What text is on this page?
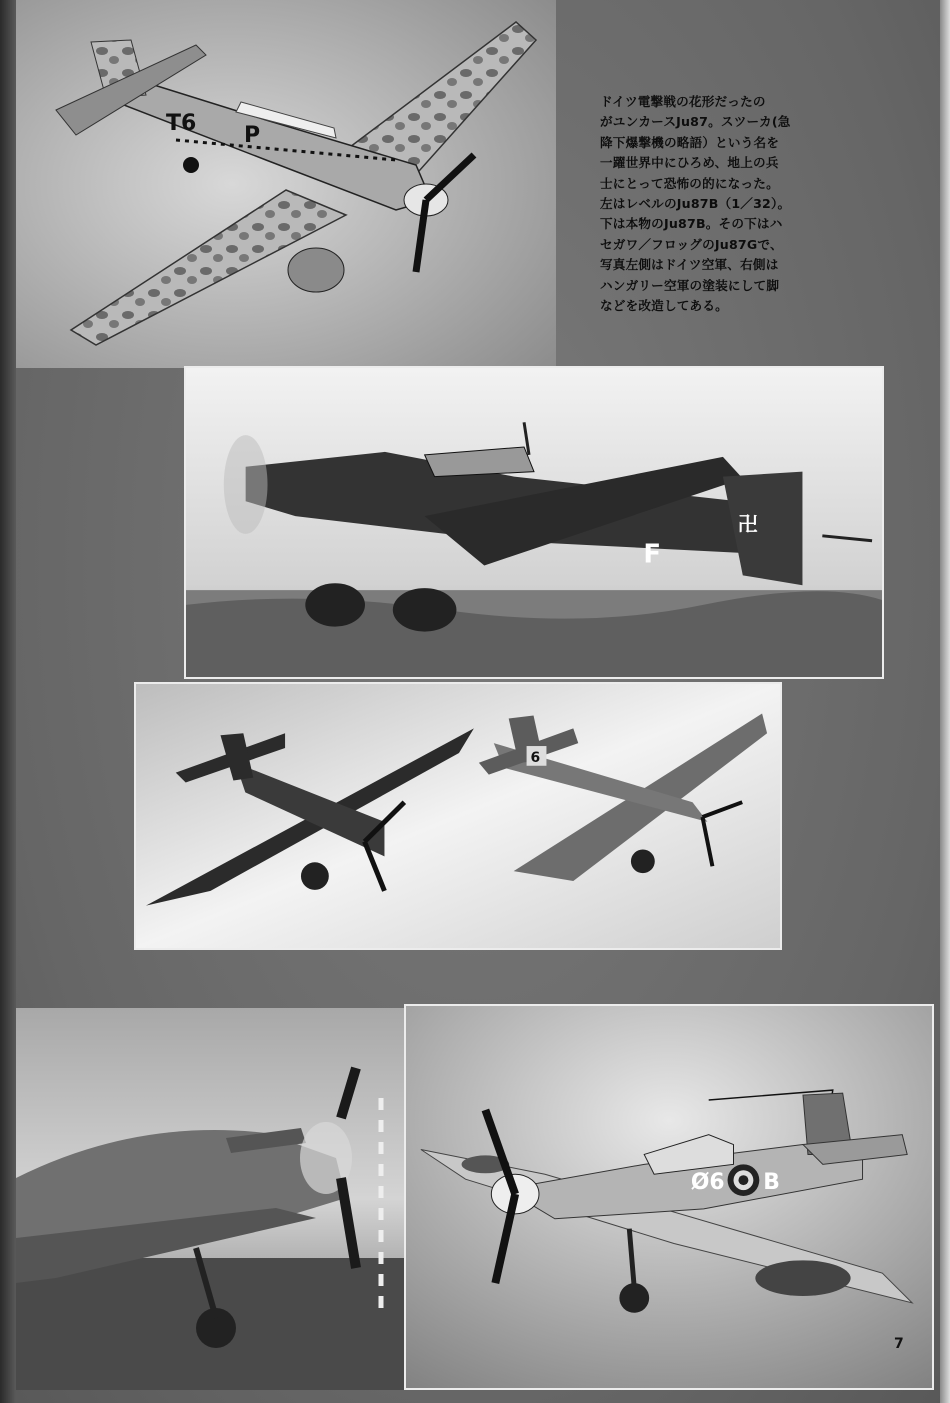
T6 P
ドイツ電撃戦の花形だったの
がユンカースJu87。スツーカ(急
降下爆撃機の略語）という名を
一躍世界中にひろめ、地上の兵
士にとって恐怖の的になった。
左はレベルのJu87B（1／32）。
下は本物のJu87B。その下はハ
セガワ／フロッグのJu87Gで、
写真左側はドイツ空軍、右側は
ハンガリー空軍の塗装にして脚
などを改造してある。
卍
F
6
Ø6 B
7
